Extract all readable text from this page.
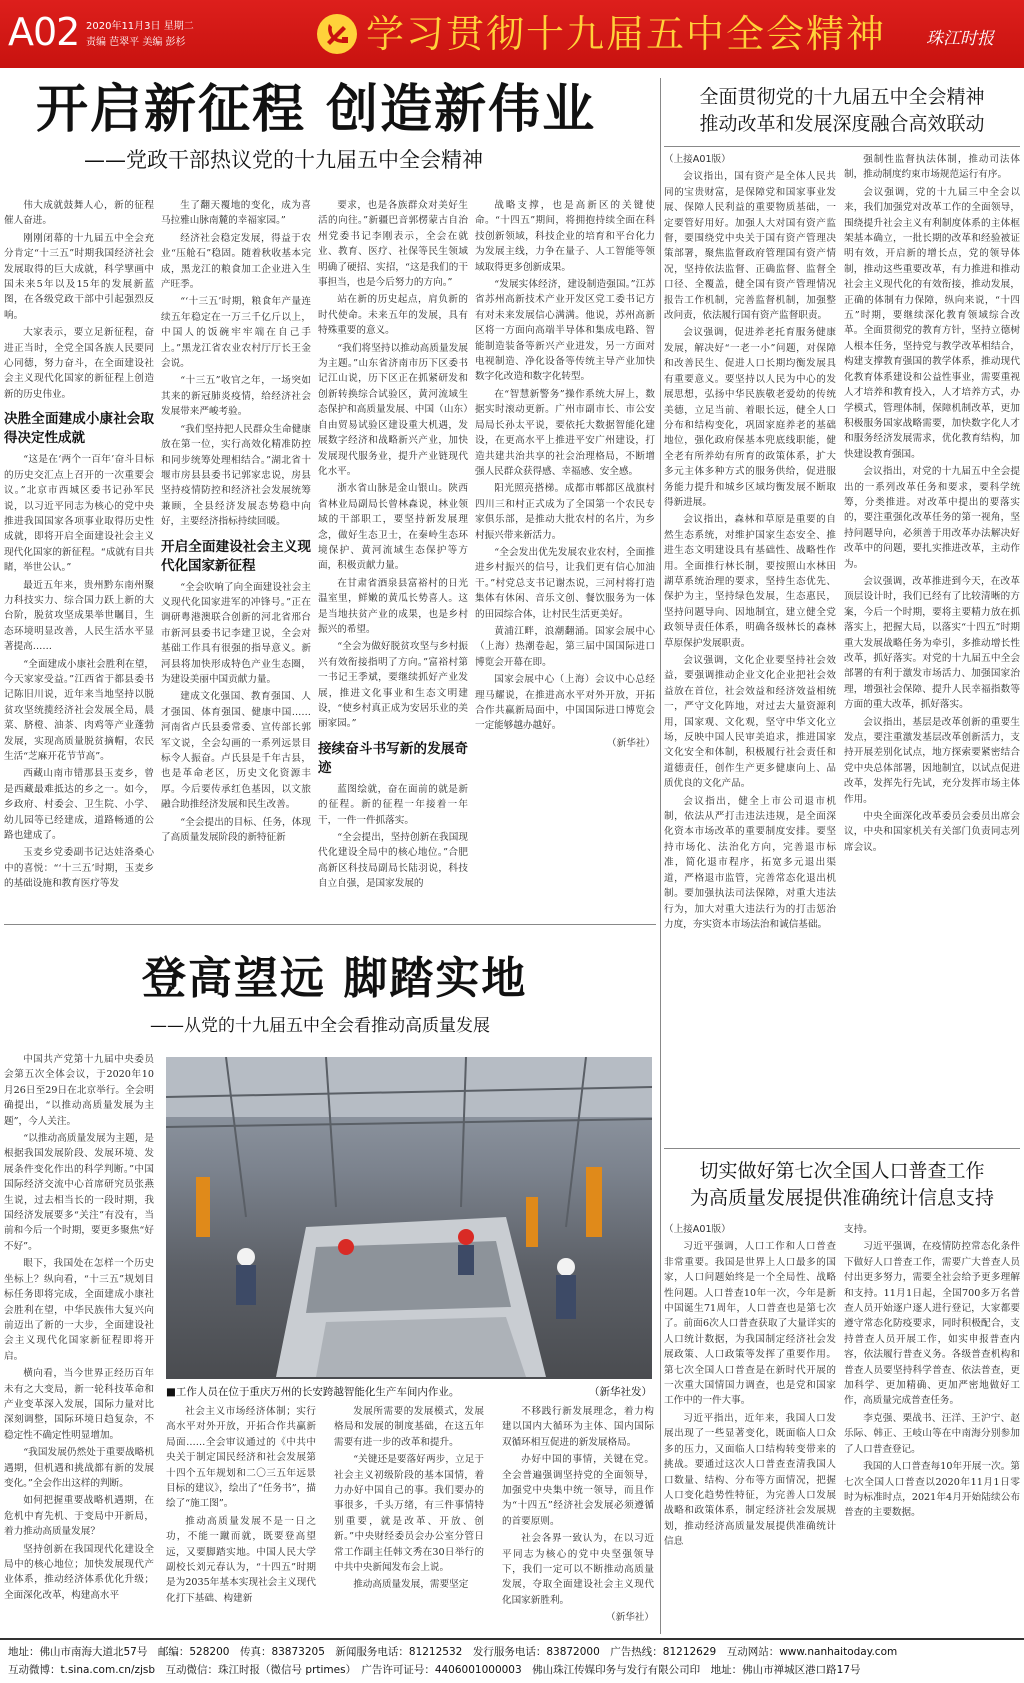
A02 2020年11月3日 星期二
责编 芭翠平 美编 彭杉	学习贯彻十九届五中全会精神 珠江时报
开启新征程 创造新伟业
——党政干部热议党的十九届五中全会精神

伟大成就鼓舞人心，新的征程催人奋进。

刚刚闭幕的十九届五中全会充分肯定“十三五”时期我国经济社会发展取得的巨大成就，科学擘画中国未来5年以及15年的发展新蓝图，在各级党政干部中引起强烈反响。

大家表示，要立足新征程，奋进正当时，全党全国各族人民要同心同德，努力奋斗，在全面建设社会主义现代化国家的新征程上创造新的历史伟业。

决胜全面建成小康社会取得决定性成就

“这是在‘两个一百年’奋斗目标的历史交汇点上召开的一次重要会议。”北京市西城区委书记孙军民说，以习近平同志为核心的党中央推进我国国家各项事业取得历史性成就，即将开启全面建设社会主义现代化国家的新征程。“成就有目共睹，举世公认。”

最近五年来，贵州黔东南州聚力科技实力、综合国力跃上新的大台阶，脱贫攻坚成果举世瞩目，生态环境明显改善，人民生活水平显著提高……

“全面建成小康社会胜利在望，今天家家受益。”江西省于都县委书记陈旧川说，近年来当地坚持以脱贫攻坚统揽经济社会发展全局，晨菜、脐橙、油茶、肉鸡等产业蓬勃发展，实现高质量脱贫摘帽，农民生活“芝麻开花节节高”。

西藏山南市错那县玉麦乡，曾是西藏最难抵达的乡之一。如今，乡政府、村委会、卫生院、小学、幼儿园等已经建成，道路畅通的公路也建成了。

玉麦乡党委副书记达娃洛桑心中的喜悦：“‘十三五’时期，玉麦乡的基础设施和教育医疗等发

生了翻天覆地的变化，成为喜马拉雅山脉南麓的幸福家园。”

经济社会稳定发展，得益于农业“压舱石”稳固。随着秋收基本完成，黑龙江的粮食加工企业进入生产旺季。

“‘十三五’时期，粮食年产量连续五年稳定在一万三千亿斤以上，中国人的饭碗牢牢端在自己手上。”黑龙江省农业农村厅厅长王金会说。

“十三五”收官之年，一场突如其来的新冠肺炎疫情，给经济社会发展带来严峻考验。

“我们坚持把人民群众生命健康放在第一位，实行高效化精准防控和同步统筹处理相结合。”湖北省十堰市房县县委书记郭家忠说，房县坚持疫情防控和经济社会发展统筹兼顾，全县经济发展态势稳中向好，主要经济指标持续回暖。

开启全面建设社会主义现代化国家新征程

“全会吹响了向全面建设社会主义现代化国家进军的冲锋号。”正在调研粤港澳联合创新的河北省邢台市新河县委书记李建卫说，全会对基础工作具有很强的指导意义。新河县将加快形成特色产业生态圈，为建设美丽中国贡献力量。

建成文化强国、教育强国、人才强国、体育强国、健康中国……河南省卢氏县委常委、宣传部长郭军文说，全会勾画的一系列远景目标令人振奋。卢氏县是千年古县，也是革命老区，历史文化资源丰厚。今后要传承红色基因，以文旅融合助推经济发展和民生改善。

“全会提出的目标、任务，体现了高质量发展阶段的新特征新

要求，也是各族群众对美好生活的向往。”新疆巴音郭楞蒙古自治州党委书记李刚表示，全会在就业、教育、医疗、社保等民生领域明确了硬招、实招，“这是我们的干事担当，也是今后努力的方向。”

站在新的历史起点，肩负新的时代使命。未来五年的发展，具有特殊重要的意义。

“我们将坚持以推动高质量发展为主题。”山东省济南市历下区委书记江山说，历下区正在抓紧研发和创新转换综合试验区，黄河流域生态保护和高质量发展、中国（山东）自由贸易试验区建设重大机遇，发展数字经济和战略新兴产业，加快发展现代服务业，提升产业链现代化水平。

浙水省山脉是金山银山。陕西省林业局副局长曾林森说，林业领域的干部职工，要坚持新发展理念，做好生态卫士，在秦岭生态环境保护、黄河流域生态保护等方面，积极贡献力量。

在甘肃省酒泉县富裕村的日光温室里，鲜嫩的黄瓜长势喜人。这是当地扶贫产业的成果，也是乡村振兴的希望。

“全会为做好脱贫攻坚与乡村振兴有效衔接指明了方向。”富裕村第一书记王季斌，要继续抓好产业发展，推进文化事业和生态文明建设，“使乡村真正成为安居乐业的美丽家园。”

接续奋斗书写新的发展奇迹

蓝图绘就，奋在面前的就是新的征程。新的征程一年接着一年干，一件一件抓落实。

“全会提出，坚持创新在我国现代化建设全局中的核心地位。”合肥高新区科技局副局长陆羽说，科技自立自强，是国家发展的

战略支撑，也是高新区的关键使命。“十四五”期间，将拥抱持续全面在科技创新领域，科技企业的培育和平台化力为发展主线，力争在量子、人工智能等领域取得更多创新成果。

“发展实体经济，建设制造强国。”江苏省苏州高新技术产业开发区党工委书记方有对未来发展信心满满。他说，苏州高新区将一方面向高端半导体和集成电路、智能制造装备等新兴产业进发，另一方面对电视制造、净化设备等传统主导产业加快数字化改造和数字化转型。

在“智慧新警务”操作系统大屏上，数据实时滚动更新。广州市副市长、市公安局局长孙太平说，要依托大数据智能化建设，在更高水平上推进平安广州建设，打造共建共治共享的社会治理格局，不断增强人民群众获得感、幸福感、安全感。

阳光照亮搭梯。成都市郫都区战旗村四川三和村正式成为了全国第一个农民专家俱乐部，是推动大批农村的名片，为乡村振兴带来新活力。

“全会发出优先发展农业农村，全面推进乡村振兴的信号，让我们更有信心加油干。”村党总支书记谢杰说，三河村将打造集体有休闲、音乐文创、餐饮服务为一体的田园综合体，让村民生活更美好。

黄浦江畔，浪潮翻涌。国家会展中心（上海）热潮卷起，第三届中国国际进口博览会开幕在即。

国家会展中心（上海）会议中心总经理马耀说，在推进高水平对外开放，开拓合作共赢新局面中，中国国际进口博览会一定能够越办越好。

（新华社）

登高望远 脚踏实地
——从党的十九届五中全会看推动高质量发展

中国共产党第十九届中央委员会第五次全体会议，于2020年10月26日至29日在北京举行。全会明确提出，“以推动高质量发展为主题”，今人关注。

“以推动高质量发展为主题，是根据我国发展阶段、发展环境、发展条件变化作出的科学判断。”中国国际经济交流中心首席研究员张燕生说，过去相当长的一段时期，我国经济发展要多“关注”有没有，当前和今后一个时期，要更多聚焦“好不好”。

眼下，我国处在怎样一个历史坐标上？纵向看，“十三五”规划目标任务即将完成，全面建成小康社会胜利在望，中华民族伟大复兴向前迈出了新的一大步，全面建设社会主义现代化国家新征程即将开启。

横向看，当今世界正经历百年未有之大变局，新一轮科技革命和产业变革深入发展，国际力量对比深刻调整，国际环境日趋复杂，不稳定性不确定性明显增加。

“我国发展仍然处于重要战略机遇期，但机遇和挑战都有新的发展变化。”全会作出这样的判断。

如何把握重要战略机遇期，在危机中育先机、于变局中开新局，着力推动高质量发展？

坚持创新在我国现代化建设全局中的核心地位；加快发展现代产业体系，推动经济体系优化升级；全面深化改革，构建高水平

■工作人员在位于重庆万州的长安跨越智能化生产车间内作业。	（新华社发）

社会主义市场经济体制；实行高水平对外开放，开拓合作共赢新局面……全会审议通过的《中共中央关于制定国民经济和社会发展第十四个五年规划和二〇三五年远景目标的建议》，绘出了“任务书”，描绘了“施工图”。

推动高质量发展不是一日之功，不能一蹴而就，既要登高望远，又要脚踏实地。中国人民大学副校长刘元春认为，“十四五”时期是为2035年基本实现社会主义现代化打下基础、构建新

发展所需要的发展模式，发展格局和发展的制度基础，在这五年需要有进一步的改革和提升。

“关键还是要落好两步，立足于社会主义初级阶段的基本国情，着力办好中国自己的事。我们要办的事很多，千头万绪，有三件事情特别重要，就是改革、开放、创新。”中央财经委员会办公室分管日常工作副主任韩文秀在30日举行的中共中央新闻发布会上说。

推动高质量发展，需要坚定

不移践行新发展理念，着力构建以国内大循环为主体、国内国际双循环相互促进的新发展格局。

办好中国的事情，关键在党。全会普遍强调坚持党的全面领导，加强党中央集中统一领导，而且作为“十四五”经济社会发展必须遵循的首要原则。

社会各界一致认为，在以习近平同志为核心的党中央坚强领导下，我们一定可以不断推动高质量发展，夺取全面建设社会主义现代化国家新胜利。

（新华社）

全面贯彻党的十九届五中全会精神
推动改革和发展深度融合高效联动

（上接A01版）

会议指出，国有资产是全体人民共同的宝贵财富，是保障党和国家事业发展、保障人民利益的重要物质基础，一定要管好用好。加强人大对国有资产监督，要围绕党中央关于国有资产管理决策部署，聚焦监督政府管理国有资产情况，坚持依法监督、正确监督、监督全口径、全覆盖，健全国有资产管理情况报告工作机制，完善监督机制，加强整改问责，依法履行国有资产监督职责。

会议强调，促进养老托育服务健康发展，解决好“一老一小”问题，对保障和改善民生、促进人口长期均衡发展具有重要意义。要坚持以人民为中心的发展思想，弘扬中华民族敬老爱幼的传统美德，立足当前、着眼长远，健全人口分布和结构变化，巩固家庭养老的基础地位，强化政府保基本兜底线职能，健全老有所养幼有所育的政策体系，扩大多元主体多种方式的服务供给，促进服务能力提升和城乡区域均衡发展不断取得新进展。

会议指出，森林和草原是重要的自然生态系统，对维护国家生态安全、推进生态文明建设具有基础性、战略性作用。全面推行林长制，要按照山水林田湖草系统治理的要求，坚持生态优先、保护为主，坚持绿色发展，生态惠民，坚持问题导向、因地制宜，建立健全党政领导责任体系，明确各级林长的森林草原保护发展职责。

会议强调，文化企业要坚持社会效益，要强调推动企业文化企业把社会效益放在首位，社会效益和经济效益相统一，严守文化阵地，对过去大量资源利用，国家观、文化观，坚守中华文化立场，反映中国人民审美追求，推进国家文化安全和体制，积极履行社会责任和道德责任，创作生产更多健康向上、品质优良的文化产品。

会议指出，健全上市公司退市机制，依法从严打击违法违规，是全面深化资本市场改革的重要制度安排。要坚持市场化、法治化方向，完善退市标准，简化退市程序，拓宽多元退出渠道，严格退市监管，完善常态化退出机制。要加强执法司法保障，对重大违法行为，加大对重大违法行为的打击惩治力度，夯实资本市场法治和诚信基础。

强制性监督执法体制，推动司法体制，推动制度约束市场规范运行有序。

会议强调，党的十九届三中全会以来，我们加强党对改革工作的全面领导，围绕提升社会主义有利制度体系的主体框架基本确立，一批长期的改革和经验被证明有效，开启新的增长点，党的领导体制，推动这些重要改革，有力推进和推动社会主义现代化的有效衔接，推动发展，正确的体制有力保障，纵向来说，“十四五”时期，要继续深化教育领域综合改革。全面贯彻党的教育方针，坚持立德树人根本任务，坚持党与教学改革相结合，构建支撑教育强国的教学体系，推动现代化教育体系建设和公益性事业，需要重视人才培养和教育投入，人才培养方式，办学模式，管理体制，保障机制改革，更加积极服务国家战略需要，加快数字化人才和服务经济发展需求，优化教育结构，加快建设教育强国。

会议指出，对党的十九届五中全会提出的一系列改革任务和要求，要科学统筹，分类推进。对改革中提出的要落实的，要注重强化改革任务的第一视角，坚持问题导向，必须善于用改革办法解决好改革中的问题，要扎实推进改革，主动作为。

会议强调，改革推进到今天，在改革顶层设计时，我们已经有了比较清晰的方案，今后一个时期，要将主要精力放在抓落实上，把握大局，以落实“十四五”时期重大发展战略任务为牵引，多推动增长性改革，抓好落实。对党的十九届五中全会部署的有利于激发市场活力、加强国家治理，增强社会保障、提升人民幸福指数等方面的重大改革，抓好落实。

会议指出，基层是改革创新的重要生发点，要注重激发基层改革创新活力，支持开展差别化试点，地方探索要紧密结合党中央总体部署，因地制宜，以试点促进改革，发挥先行先试，充分发挥市场主体作用。

中央全面深化改革委员会委员出席会议，中央和国家机关有关部门负责同志列席会议。

切实做好第七次全国人口普查工作
为高质量发展提供准确统计信息支持

（上接A01版）

习近平强调，人口工作和人口普查非常重要。我国是世界上人口最多的国家，人口问题始终是一个全局性、战略性问题。人口普查10年一次，今年是新中国诞生71周年，人口普查也是第七次了。前面6次人口普查获取了大量详实的人口统计数据，为我国制定经济社会发展政策、人口政策等发挥了重要作用。第七次全国人口普查是在新时代开展的一次重大国情国力调查，也是党和国家工作中的一件大事。

习近平指出，近年来，我国人口发展出现了一些显著变化，既面临人口众多的压力，又面临人口结构转变带来的挑战。要通过这次人口普查查清我国人口数量、结构、分布等方面情况，把握人口变化趋势性特征，为完善人口发展战略和政策体系，制定经济社会发展规划，推动经济高质量发展提供准确统计信息

支持。

习近平强调，在疫情防控常态化条件下做好人口普查工作，需要广大普查人员付出更多努力，需要全社会给予更多理解和支持。11月1日起，全国700多万名普查人员开始逐户逐人进行登记，大家都要遵守常态化防疫要求，同时积极配合，支持普查人员开展工作，如实申报普查内容，依法履行普查义务。各级普查机构和普查人员要坚持科学普查、依法普查，更加科学、更加精确、更加严密地做好工作，高质量完成普查任务。

李克强、栗战书、汪洋、王沪宁、赵乐际、韩正、王岐山等在中南海分别参加了人口普查登记。

我国的人口普查每10年开展一次。第七次全国人口普查以2020年11月1日零时为标准时点，2021年4月开始陆续公布普查的主要数据。

地址：佛山市南海大道北57号　邮编：528200　传真：83873205　新闻服务电话：81212532　发行服务电话：83872000　广告热线：81212629　互动网站：www.nanhaitoday.com
互动微博：t.sina.com.cn/zjsb　互动微信：珠江时报（微信号 prtimes）　广告许可证号：4406001000003　佛山珠江传媒印务与发行有限公司印　地址：佛山市禅城区港口路17号
